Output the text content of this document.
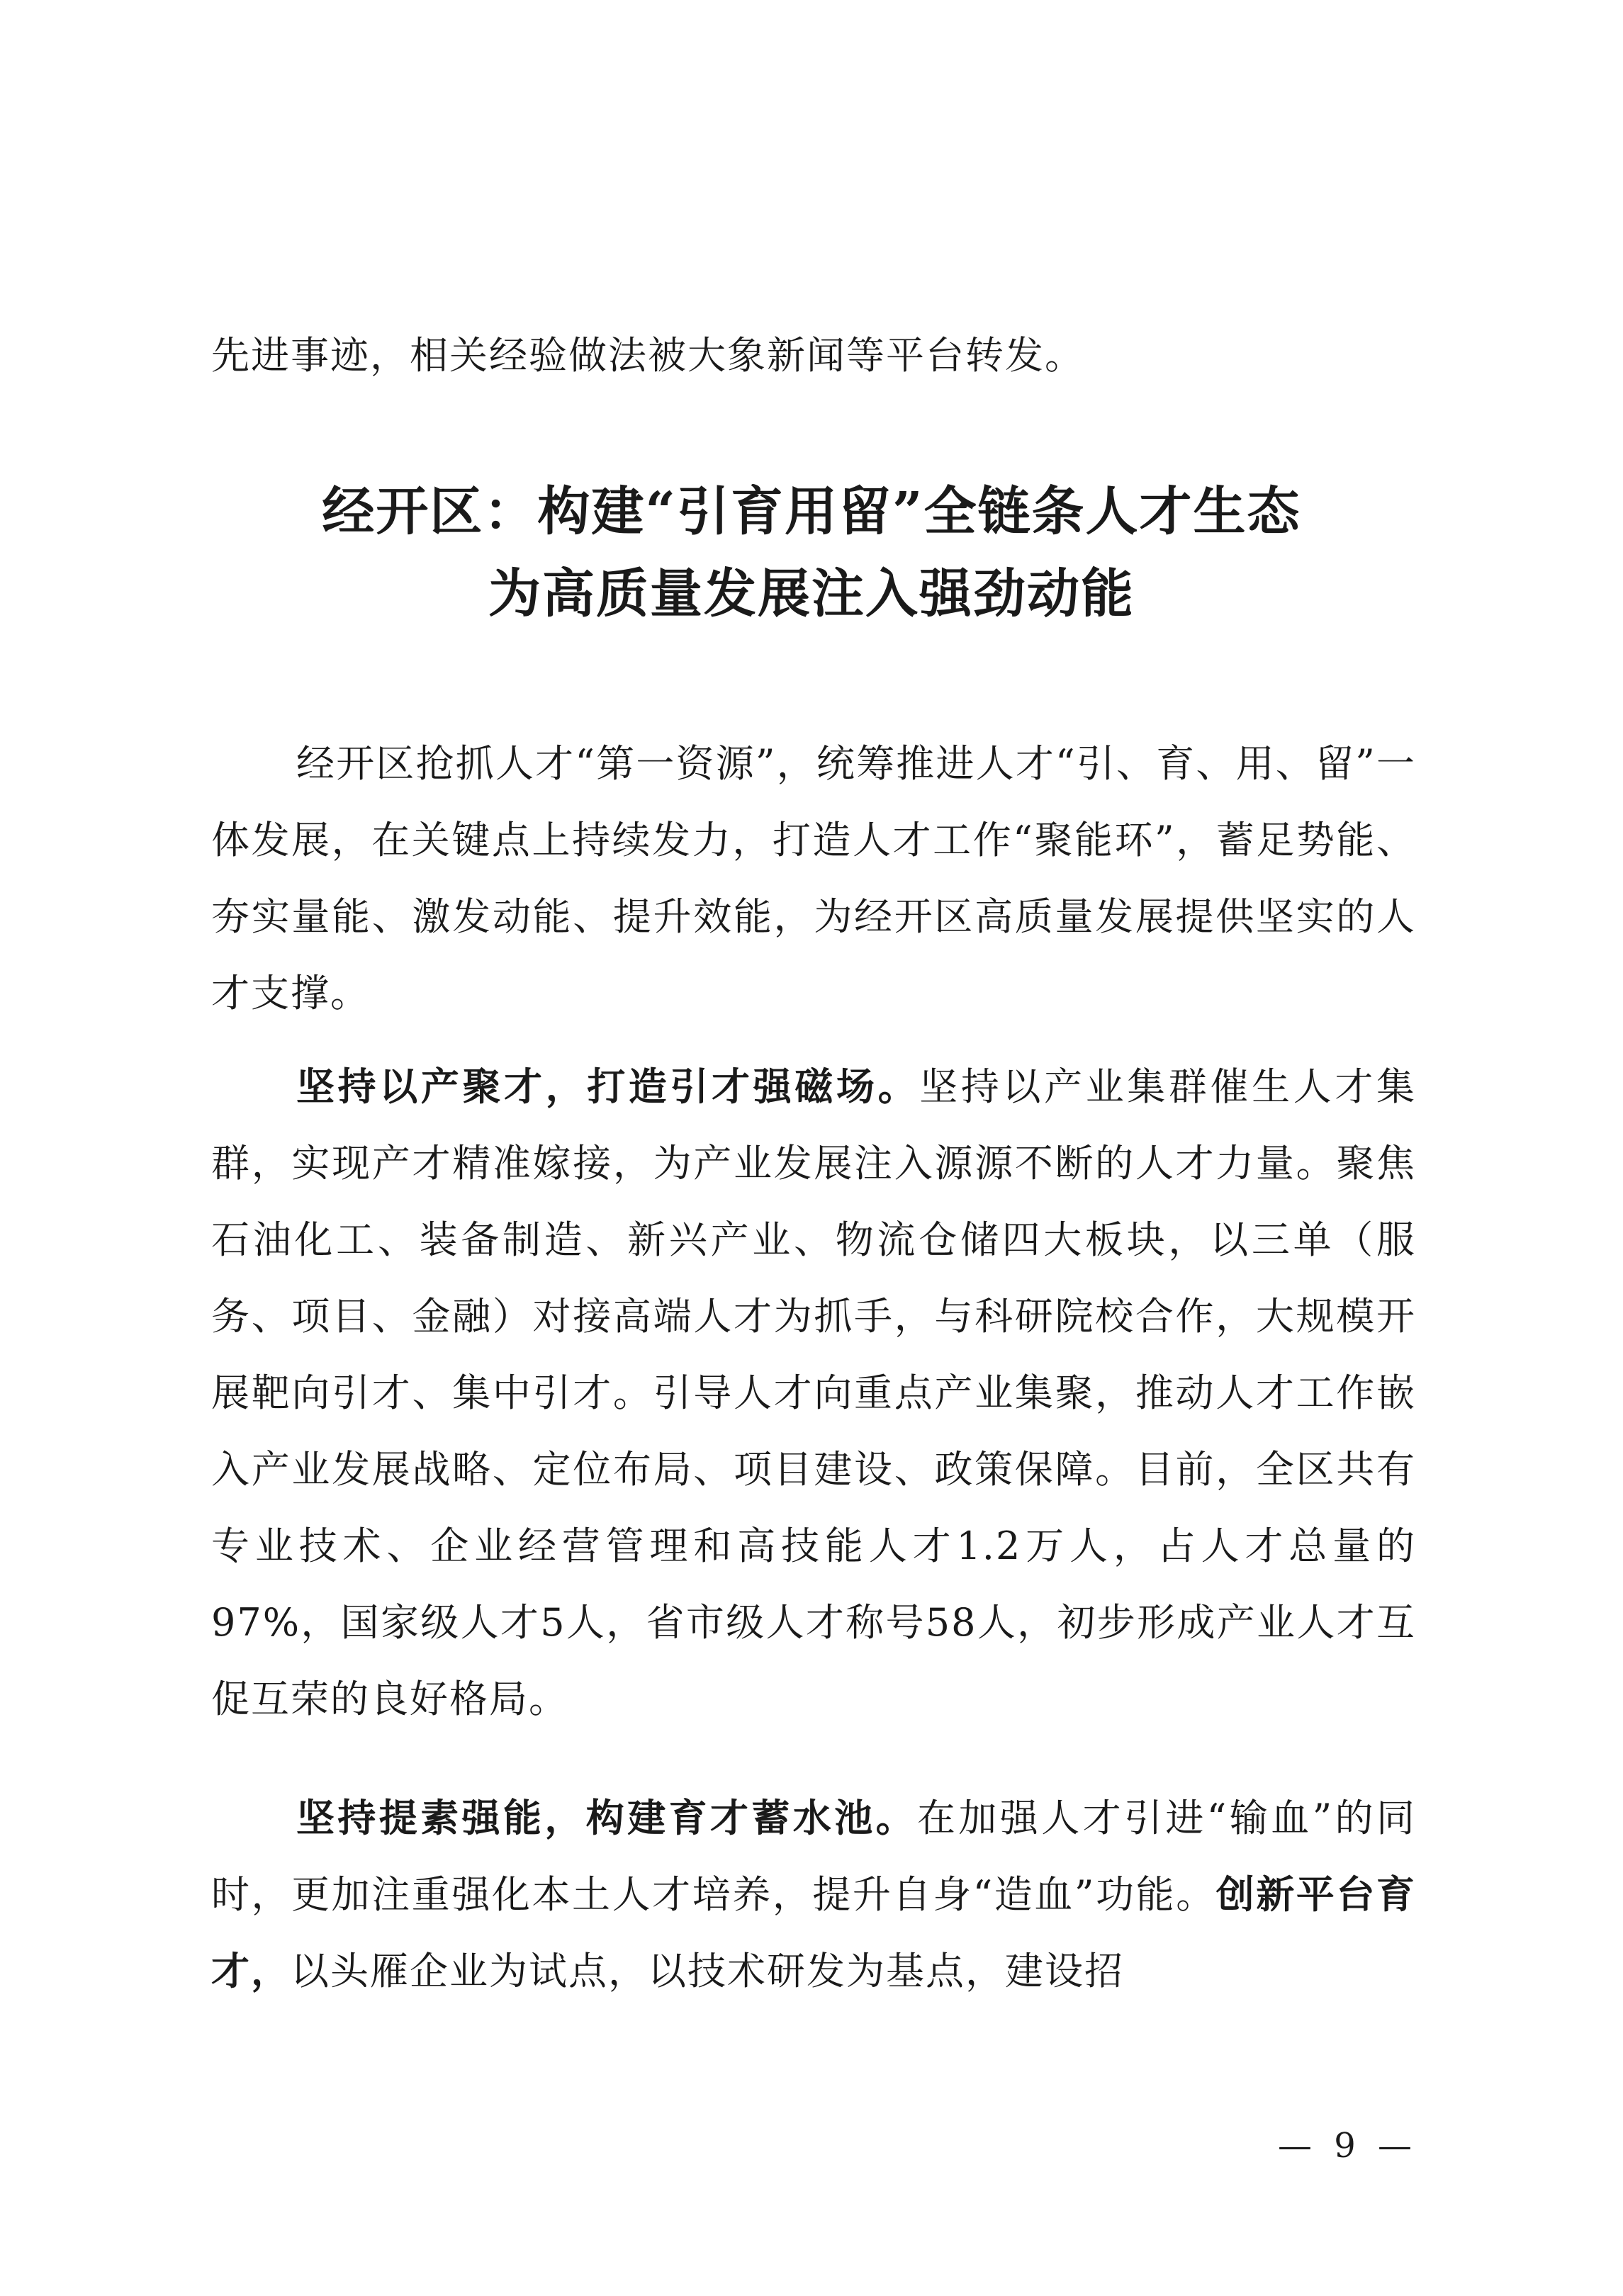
先进事迹，相关经验做法被大象新闻等平台转发。

经开区：构建“引育用留”全链条人才生态
为高质量发展注入强劲动能

经开区抢抓人才“第一资源”，统筹推进人才“引、育、用、留”一体发展，在关键点上持续发力，打造人才工作“聚能环”，蓄足势能、夯实量能、激发动能、提升效能，为经开区高质量发展提供坚实的人才支撑。

坚持以产聚才，打造引才强磁场。坚持以产业集群催生人才集群，实现产才精准嫁接，为产业发展注入源源不断的人才力量。聚焦石油化工、装备制造、新兴产业、物流仓储四大板块，以三单（服务、项目、金融）对接高端人才为抓手，与科研院校合作，大规模开展靶向引才、集中引才。引导人才向重点产业集聚，推动人才工作嵌入产业发展战略、定位布局、项目建设、政策保障。目前，全区共有专业技术、企业经营管理和高技能人才1.2万人，占人才总量的97%，国家级人才5人，省市级人才称号58人，初步形成产业人才互促互荣的良好格局。

坚持提素强能，构建育才蓄水池。在加强人才引进“输血”的同时，更加注重强化本土人才培养，提升自身“造血”功能。创新平台育才，以头雁企业为试点，以技术研发为基点，建设招

— 9 —
